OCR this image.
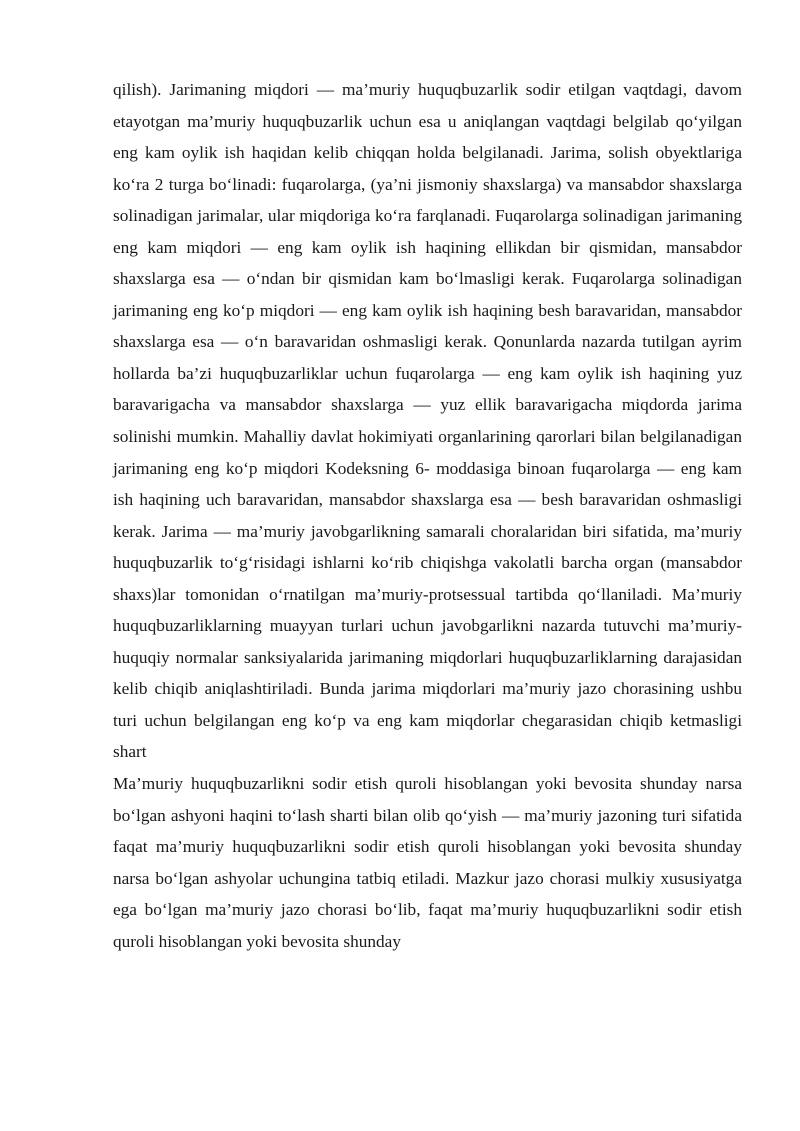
qilish). Jarimaning miqdori — ma’muriy huquqbuzarlik sodir etilgan vaqtdagi, davom etayotgan ma’muriy huquqbuzarlik uchun esa u aniqlangan vaqtdagi belgilab qo‘yilgan eng kam oylik ish haqidan kelib chiqqan holda belgilanadi. Jarima, solish obyektlariga ko‘ra 2 turga bo‘linadi: fuqarolarga, (ya’ni jismoniy shaxslarga) va mansabdor shaxslarga solinadigan jarimalar, ular miqdoriga ko‘ra farqlanadi. Fuqarolarga solinadigan jarimaning eng kam miqdori — eng kam oylik ish haqining ellikdan bir qismidan, mansabdor shaxslarga esa — o‘ndan bir qismidan kam bo‘lmasligi kerak. Fuqarolarga solinadigan jarimaning eng ko‘p miqdori — eng kam oylik ish haqining besh baravaridan, mansabdor shaxslarga esa — o‘n baravaridan oshmasligi kerak. Qonunlarda nazarda tutilgan ayrim hollarda ba’zi huquqbuzarliklar uchun fuqarolarga — eng kam oylik ish haqining yuz baravarigacha va mansabdor shaxslarga — yuz ellik baravarigacha miqdorda jarima solinishi mumkin. Mahalliy davlat hokimiyati organlarining qarorlari bilan belgilanadigan jarimaning eng ko‘p miqdori Kodeksning 6- moddasiga binoan fuqarolarga — eng kam ish haqining uch baravaridan, mansabdor shaxslarga esa — besh baravaridan oshmasligi kerak. Jarima — ma’muriy javobgarlikning samarali choralaridan biri sifatida, ma’muriy huquqbuzarlik to‘g‘risidagi ishlarni ko‘rib chiqishga vakolatli barcha organ (mansabdor shaxs)lar tomonidan o‘rnatilgan ma’muriy-protsessual tartibda qo‘llaniladi. Ma’muriy huquqbuzarliklarning muayyan turlari uchun javobgarlikni nazarda tutuvchi ma’muriy-huquqiy normalar sanksiyalarida jarimaning miqdorlari huquqbuzarliklarning darajasidan kelib chiqib aniqlashtiriladi. Bunda jarima miqdorlari ma’muriy jazo chorasining ushbu turi uchun belgilangan eng ko‘p va eng kam miqdorlar chegarasidan chiqib ketmasligi shart

Ma’muriy huquqbuzarlikni sodir etish quroli hisoblangan yoki bevosita shunday narsa bo‘lgan ashyoni haqini to‘lash sharti bilan olib qo‘yish — ma’muriy jazoning turi sifatida faqat ma’muriy huquqbuzarlikni sodir etish quroli hisoblangan yoki bevosita shunday narsa bo‘lgan ashyolar uchungina tatbiq etiladi. Mazkur jazo chorasi mulkiy xususiyatga ega bo‘lgan ma’muriy jazo chorasi bo‘lib, faqat ma’muriy huquqbuzarlikni sodir etish quroli hisoblangan yoki bevosita shunday
